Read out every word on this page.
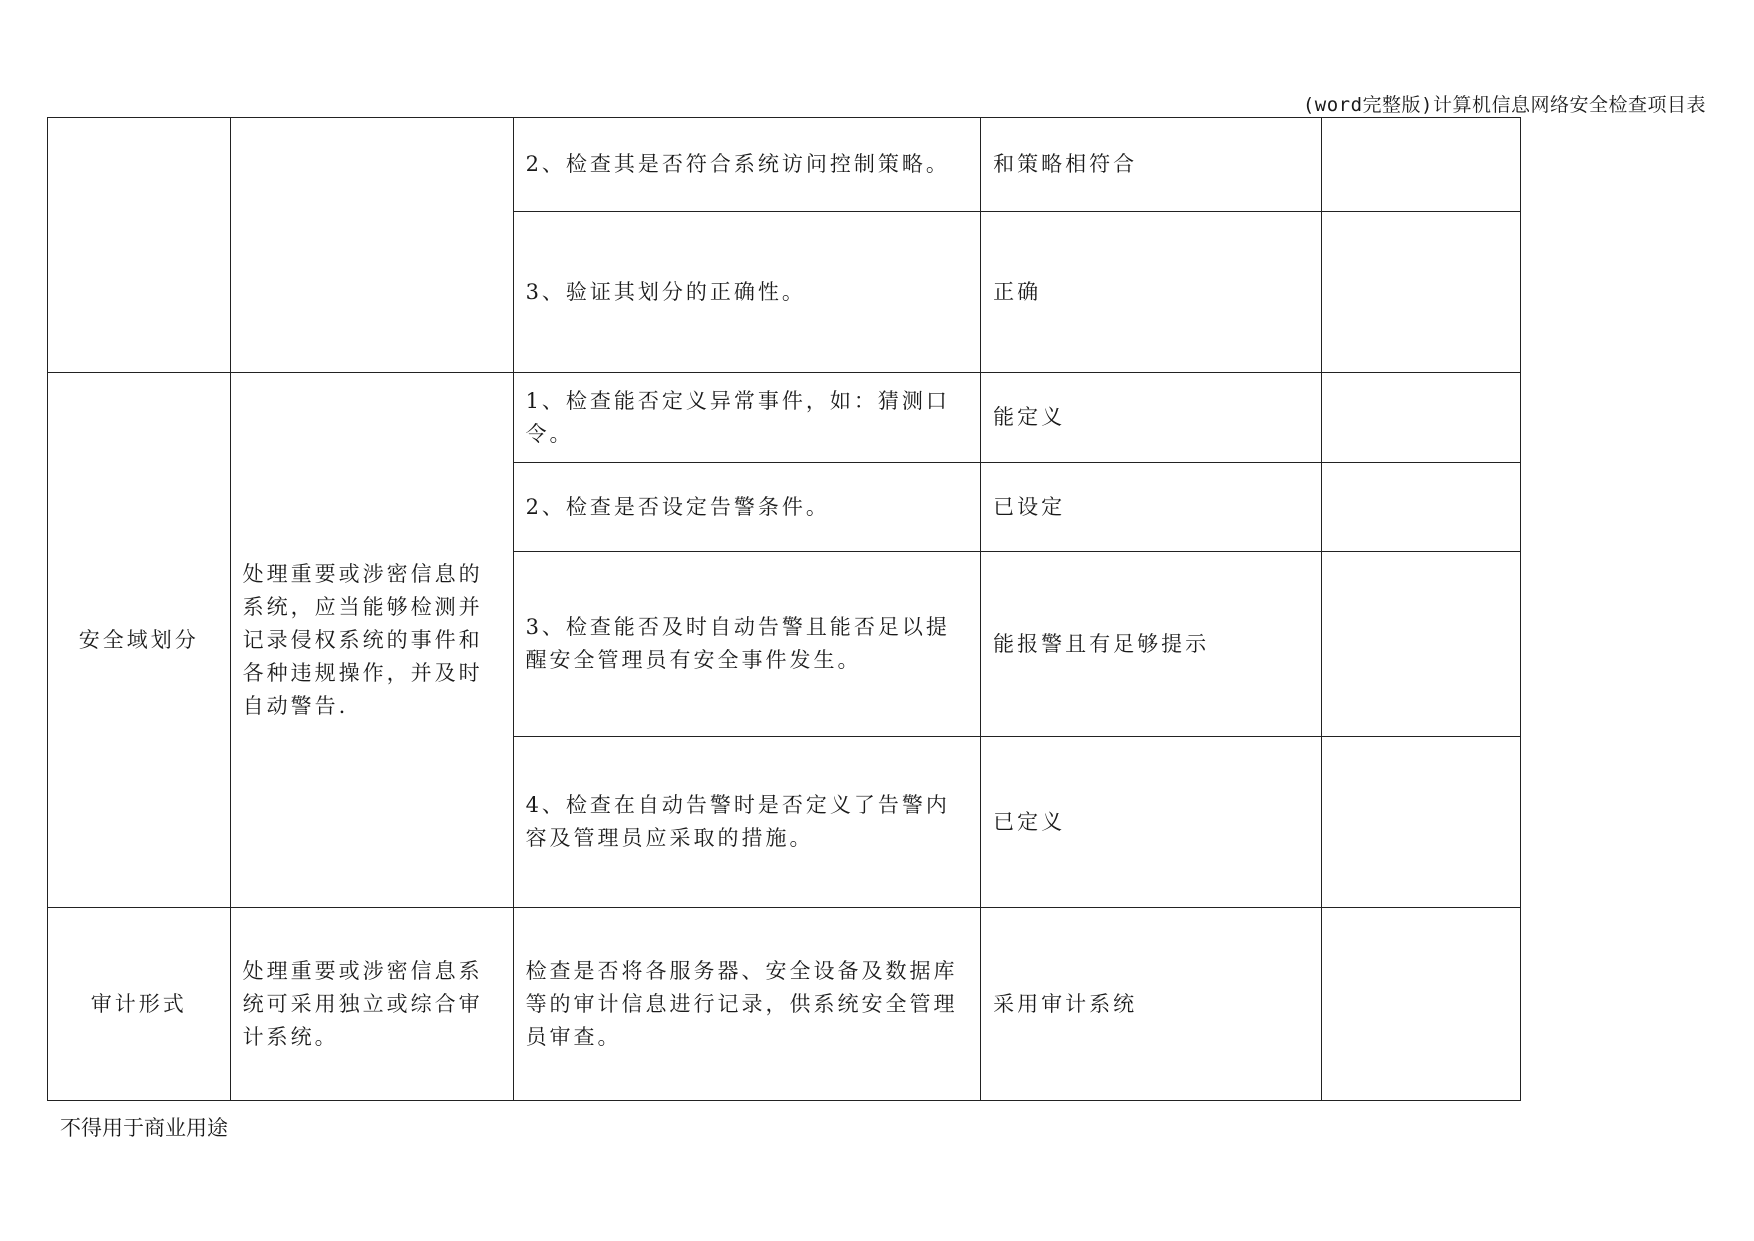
(word完整版)计算机信息网络安全检查项目表
		2、检查其是否符合系统访问控制策略。	和策略相符合	
		3、验证其划分的正确性。	正确	
安全域划分	处理重要或涉密信息的系统，应当能够检测并记录侵权系统的事件和各种违规操作，并及时自动警告.	1、检查能否定义异常事件，如：猜测口令。	能定义	
		2、检查是否设定告警条件。	已设定	
		3、检查能否及时自动告警且能否足以提醒安全管理员有安全事件发生。	能报警且有足够提示	
		4、检查在自动告警时是否定义了告警内容及管理员应采取的措施。	已定义	
审计形式	处理重要或涉密信息系统可采用独立或综合审计系统。	检查是否将各服务器、安全设备及数据库等的审计信息进行记录，供系统安全管理员审查。	采用审计系统	
不得用于商业用途
